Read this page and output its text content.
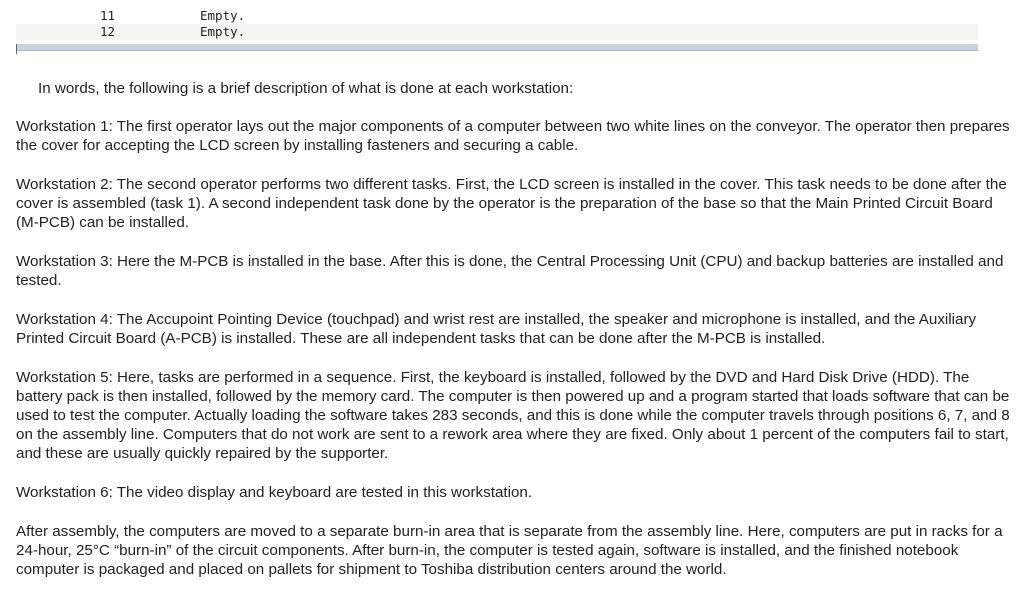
11	Empty.
12	Empty.

In words, the following is a brief description of what is done at each workstation:

Workstation 1: The first operator lays out the major components of a computer between two white lines on the conveyor. The operator then prepares the cover for accepting the LCD screen by installing fasteners and securing a cable.

Workstation 2: The second operator performs two different tasks. First, the LCD screen is installed in the cover. This task needs to be done after the cover is assembled (task 1). A second independent task done by the operator is the preparation of the base so that the Main Printed Circuit Board (M-PCB) can be installed.

Workstation 3: Here the M-PCB is installed in the base. After this is done, the Central Processing Unit (CPU) and backup batteries are installed and tested.

Workstation 4: The Accupoint Pointing Device (touchpad) and wrist rest are installed, the speaker and microphone is installed, and the Auxiliary Printed Circuit Board (A-PCB) is installed. These are all independent tasks that can be done after the M-PCB is installed.

Workstation 5: Here, tasks are performed in a sequence. First, the keyboard is installed, followed by the DVD and Hard Disk Drive (HDD). The battery pack is then installed, followed by the memory card. The computer is then powered up and a program started that loads software that can be used to test the computer. Actually loading the software takes 283 seconds, and this is done while the computer travels through positions 6, 7, and 8 on the assembly line. Computers that do not work are sent to a rework area where they are fixed. Only about 1 percent of the computers fail to start, and these are usually quickly repaired by the supporter.

Workstation 6: The video display and keyboard are tested in this workstation.

After assembly, the computers are moved to a separate burn-in area that is separate from the assembly line. Here, computers are put in racks for a 24-hour, 25°C “burn-in” of the circuit components. After burn-in, the computer is tested again, software is installed, and the finished notebook computer is packaged and placed on pallets for shipment to Toshiba distribution centers around the world.
